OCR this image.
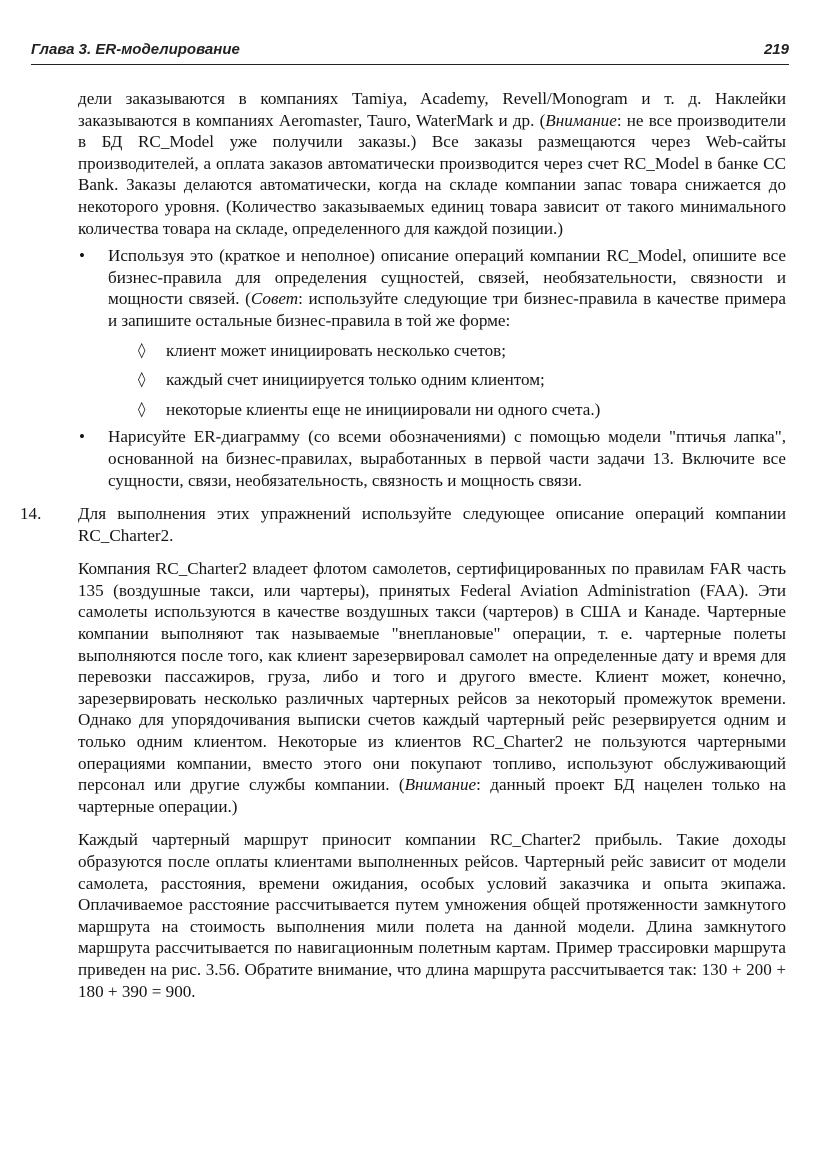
Глава 3. ER-моделирование	219

дели заказываются в компаниях Tamiya, Academy, Revell/Monogram и т. д. Наклейки заказываются в компаниях Aeromaster, Tauro, WaterMark и др. (Внимание: не все производители в БД RC_Model уже получили заказы.) Все заказы размещаются через Web-сайты производителей, а оплата заказов автоматически производится через счет RC_Model в банке CC Bank. Заказы делаются автоматически, когда на складе компании запас товара снижается до некоторого уровня. (Количество заказываемых единиц товара зависит от такого минимального количества товара на складе, определенного для каждой позиции.)

• Используя это (краткое и неполное) описание операций компании RC_Model, опишите все бизнес-правила для определения сущностей, связей, необязательности, связности и мощности связей. (Совет: используйте следующие три бизнес-правила в качестве примера и запишите остальные бизнес-правила в той же форме:

◊ клиент может инициировать несколько счетов;
◊ каждый счет инициируется только одним клиентом;
◊ некоторые клиенты еще не инициировали ни одного счета.)
• Нарисуйте ER-диаграмму (со всеми обозначениями) с помощью модели "птичья лапка", основанной на бизнес-правилах, выработанных в первой части задачи 13. Включите все сущности, связи, необязательность, связность и мощность связи.

14. Для выполнения этих упражнений используйте следующее описание операций компании RC_Charter2.

Компания RC_Charter2 владеет флотом самолетов, сертифицированных по правилам FAR часть 135 (воздушные такси, или чартеры), принятых Federal Aviation Administration (FAA). Эти самолеты используются в качестве воздушных такси (чартеров) в США и Канаде. Чартерные компании выполняют так называемые "внеплановые" операции, т. е. чартерные полеты выполняются после того, как клиент зарезервировал самолет на определенные дату и время для перевозки пассажиров, груза, либо и того и другого вместе. Клиент может, конечно, зарезервировать несколько различных чартерных рейсов за некоторый промежуток времени. Однако для упорядочивания выписки счетов каждый чартерный рейс резервируется одним и только одним клиентом. Некоторые из клиентов RC_Charter2 не пользуются чартерными операциями компании, вместо этого они покупают топливо, используют обслуживающий персонал или другие службы компании. (Внимание: данный проект БД нацелен только на чартерные операции.)

Каждый чартерный маршрут приносит компании RC_Charter2 прибыль. Такие доходы образуются после оплаты клиентами выполненных рейсов. Чартерный рейс зависит от модели самолета, расстояния, времени ожидания, особых условий заказчика и опыта экипажа. Оплачиваемое расстояние рассчитывается путем умножения общей протяженности замкнутого маршрута на стоимость выполнения мили полета на данной модели. Длина замкнутого маршрута рассчитывается по навигационным полетным картам. Пример трассировки маршрута приведен на рис. 3.56. Обратите внимание, что длина маршрута рассчитывается так: 130 + 200 + 180 + 390 = 900.
